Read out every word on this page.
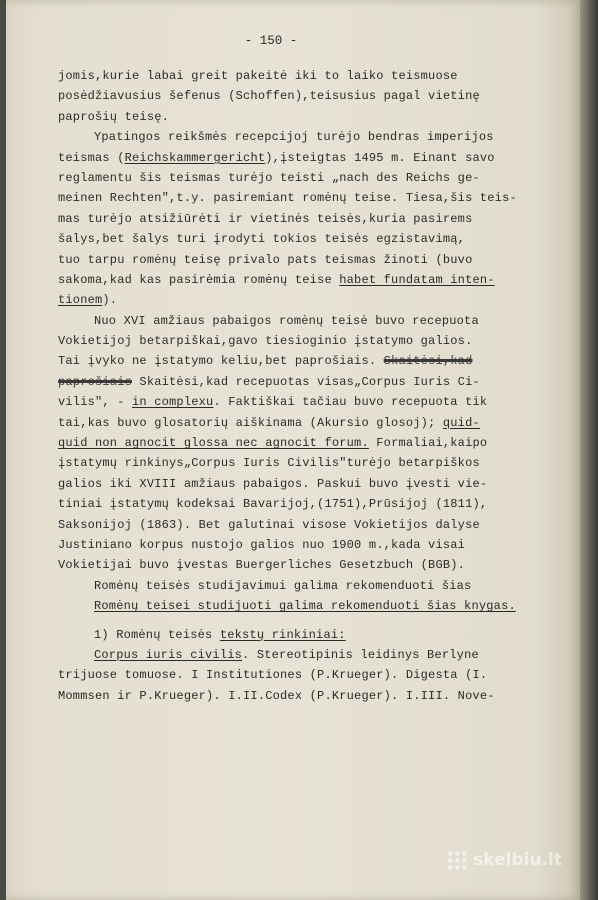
- 150 -
jomis,kurie labai greit pakeitė iki to laiko teismuose
posėdžiavusius šefenus (Schoffen),teisusius pagal vietinę
paprošių teisę.
Ypatingos reikšmės recepcijoj turėjo bendras imperijos
teismas (Reichskammergericht),įsteigtas 1495 m. Einant savo
reglamentu šis teismas turėjo teisti „nach des Reichs ge-
meinen Rechten",t.y. pasiremiant romėnų teise. Tiesa,šis teis-
mas turėjo atsižiūrėti ir vietinės teisės,kuria pasirems
šalys,bet šalys turi įrodyti tokios teisės egzistavimą,
tuo tarpu romėnų teisę privalo pats teismas žinoti (buvo
sakoma,kad kas pasirėmia romėnų teise habet fundatam inten-
tionem).
Nuo XVI amžiaus pabaigos romėnų teisė buvo recepuota
Vokietijoj betarpiškai,gavo tiesioginio įstatymo galios.
Tai įvyko ne įstatymo keliu,bet paprošiais. Skaitėsi,kad
paprošiais Skaitėsi,kad recepuotas visas„Corpus Iuris Ci-
vilis", - in complexu. Faktiškai tačiau buvo recepuota tik
tai,kas buvo glosatorių aiškinama (Akursio glosoj); quid-
quid non agnocit glossa nec agnocit forum. Formaliai,kaipo
įstatymų rinkinys„Corpus Iuris Civilis"turėjo betarpiškos
galios iki XVIII amžiaus pabaigos. Paskui buvo įvesti vie-
tiniai įstatymų kodeksai Bavarijoj,(1751),Prūsijoj (1811),
Saksonijoj (1863). Bet galutinai visose Vokietijos dalyse
Justiniano korpus nustojo galios nuo 1900 m.,kada visai
Vokietijai buvo įvestas Buergerliches Gesetzbuch (BGB).
Romėnų teisės studijavimui galima rekomenduoti šias
Romėnų teisei studijuoti galima rekomenduoti šias knygas.
1) Romėnų teisės tekstų rinkiniai:
Corpus iuris civilis. Stereotipinis leidinys Berlyne
trijuose tomuose. I Institutiones (P.Krueger). Digesta (I.
Mommsen ir P.Krueger). I.II.Codex (P.Krueger). I.III. Nove-
skelbiu.lt
